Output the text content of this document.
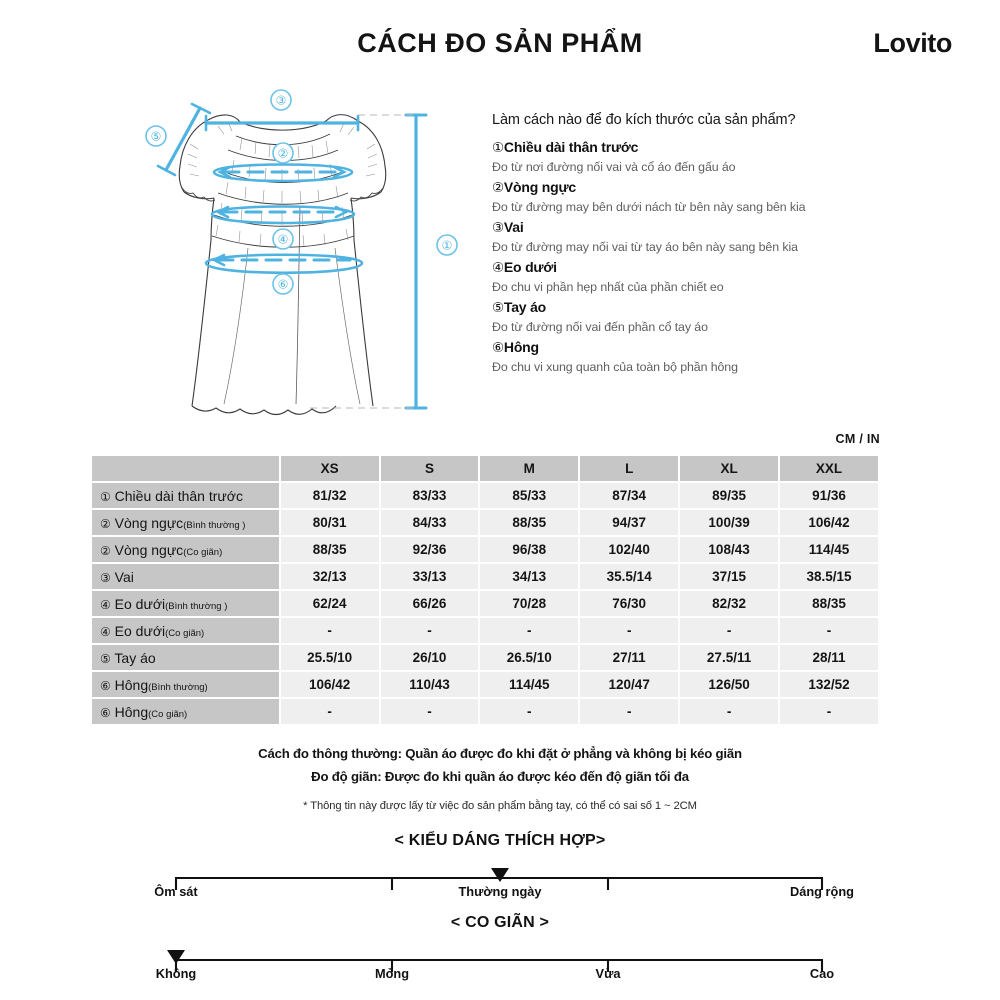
CÁCH ĐO SẢN PHẨM	Lovito
③
⑤
②
④
⑥
①
Làm cách nào để đo kích thước của sản phẩm?
①Chiều dài thân trước
Đo từ nơi đường nối vai và cổ áo đến gấu áo
②Vòng ngực
Đo từ đường may bên dưới nách từ bên này sang bên kia
③Vai
Đo từ đường may nối vai từ tay áo bên này sang bên kia
④Eo dưới
Đo chu vi phần hẹp nhất của phần chiết eo
⑤Tay áo
Đo từ đường nối vai đến phần cổ tay áo
⑥Hông
Đo chu vi xung quanh của toàn bộ phần hông
CM / IN
	XS	S	M	L	XL	XXL
① Chiều dài thân trước	81/32	83/33	85/33	87/34	89/35	91/36
② Vòng ngực(Bình thường )	80/31	84/33	88/35	94/37	100/39	106/42
② Vòng ngực(Co giãn)	88/35	92/36	96/38	102/40	108/43	114/45
③ Vai	32/13	33/13	34/13	35.5/14	37/15	38.5/15
④ Eo dưới(Bình thường )	62/24	66/26	70/28	76/30	82/32	88/35
④ Eo dưới(Co giãn)	-	-	-	-	-	-
⑤ Tay áo	25.5/10	26/10	26.5/10	27/11	27.5/11	28/11
⑥ Hông(Bình thường)	106/42	110/43	114/45	120/47	126/50	132/52
⑥ Hông(Co giãn)	-	-	-	-	-	-
Cách đo thông thường: Quần áo được đo khi đặt ở phẳng và không bị kéo giãn
Đo độ giãn: Được đo khi quần áo được kéo đến độ giãn tối đa
* Thông tin này được lấy từ việc đo sản phẩm bằng tay, có thể có sai số 1 ~ 2CM
< KIỂU DÁNG THÍCH HỢP>
Ôm sát	Thường ngày	Dáng rộng
< CO GIÃN >
Không	Mỏng	Vừa	Cao
